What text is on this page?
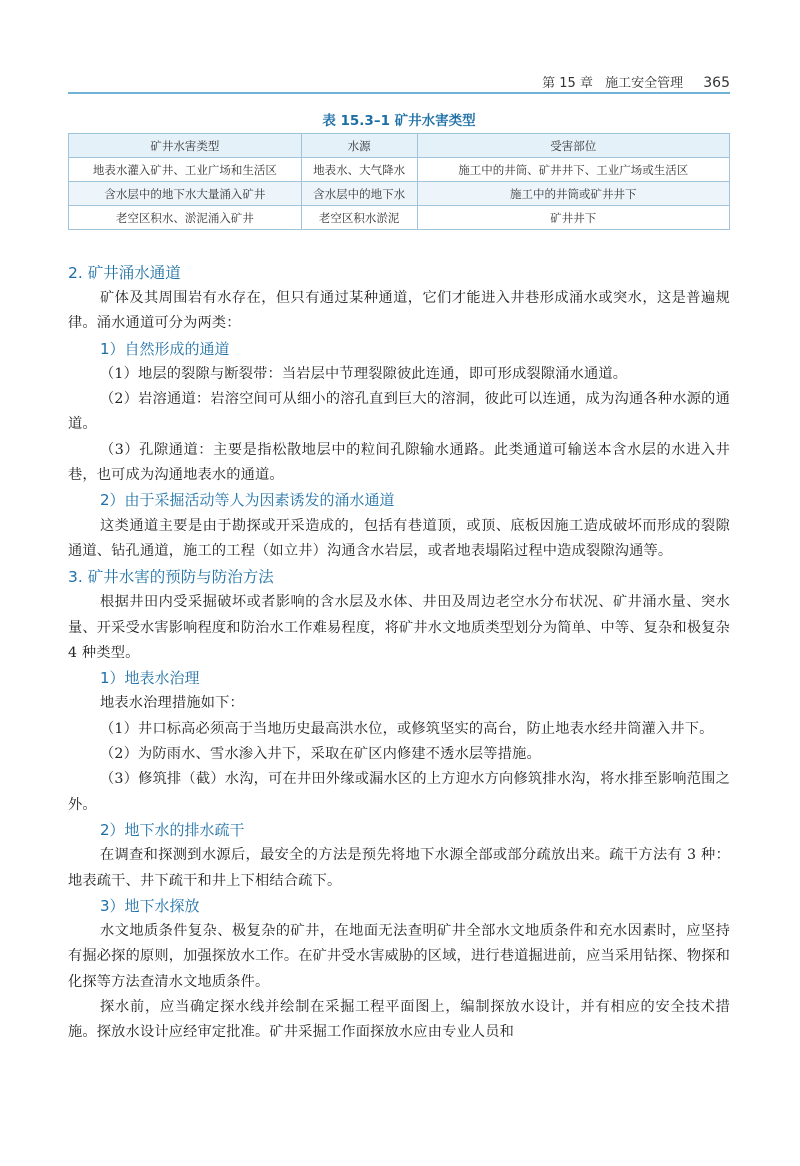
第 15 章 施工安全管理 365
表 15.3–1 矿井水害类型
矿井水害类型	水源	受害部位
地表水灌入矿井、工业广场和生活区	地表水、大气降水	施工中的井筒、矿井井下、工业广场或生活区
含水层中的地下水大量涌入矿井	含水层中的地下水	施工中的井筒或矿井井下
老空区积水、淤泥涌入矿井	老空区积水淤泥	矿井井下
2. 矿井涌水通道

矿体及其周围岩有水存在，但只有通过某种通道，它们才能进入井巷形成涌水或突水，这是普遍规律。涌水通道可分为两类：

1）自然形成的通道

（1）地层的裂隙与断裂带：当岩层中节理裂隙彼此连通，即可形成裂隙涌水通道。

（2）岩溶通道：岩溶空间可从细小的溶孔直到巨大的溶洞，彼此可以连通，成为沟通各种水源的通道。

（3）孔隙通道：主要是指松散地层中的粒间孔隙输水通路。此类通道可输送本含水层的水进入井巷，也可成为沟通地表水的通道。

2）由于采掘活动等人为因素诱发的涌水通道

这类通道主要是由于勘探或开采造成的，包括有巷道顶，或顶、底板因施工造成破坏而形成的裂隙通道、钻孔通道，施工的工程（如立井）沟通含水岩层，或者地表塌陷过程中造成裂隙沟通等。

3. 矿井水害的预防与防治方法

根据井田内受采掘破坏或者影响的含水层及水体、井田及周边老空水分布状况、矿井涌水量、突水量、开采受水害影响程度和防治水工作难易程度，将矿井水文地质类型划分为简单、中等、复杂和极复杂 4 种类型。

1）地表水治理

地表水治理措施如下：

（1）井口标高必须高于当地历史最高洪水位，或修筑坚实的高台，防止地表水经井筒灌入井下。

（2）为防雨水、雪水渗入井下，采取在矿区内修建不透水层等措施。

（3）修筑排（截）水沟，可在井田外缘或漏水区的上方迎水方向修筑排水沟，将水排至影响范围之外。

2）地下水的排水疏干

在调查和探测到水源后，最安全的方法是预先将地下水源全部或部分疏放出来。疏干方法有 3 种：地表疏干、井下疏干和井上下相结合疏下。

3）地下水探放

水文地质条件复杂、极复杂的矿井，在地面无法查明矿井全部水文地质条件和充水因素时，应坚持有掘必探的原则，加强探放水工作。在矿井受水害威胁的区域，进行巷道掘进前，应当采用钻探、物探和化探等方法查清水文地质条件。

探水前，应当确定探水线并绘制在采掘工程平面图上，编制探放水设计，并有相应的安全技术措施。探放水设计应经审定批准。矿井采掘工作面探放水应由专业人员和
